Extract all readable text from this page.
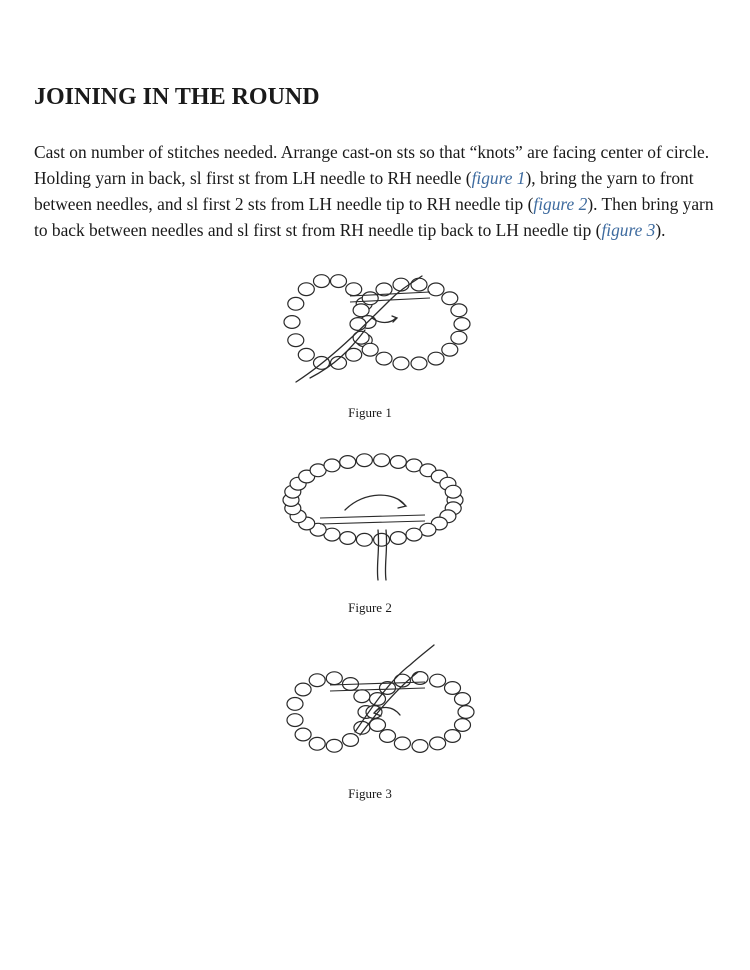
JOINING IN THE ROUND

Cast on number of stitches needed. Arrange cast-on sts so that “knots” are facing center of circle.
Holding yarn in back, sl first st from LH needle to RH needle (figure 1), bring the yarn to front
between needles, and sl first 2 sts from LH needle tip to RH needle tip (figure 2). Then bring yarn
to back between needles and sl first st from RH needle tip back to LH needle tip (figure 3).

Figure 1
Figure 2
Figure 3
